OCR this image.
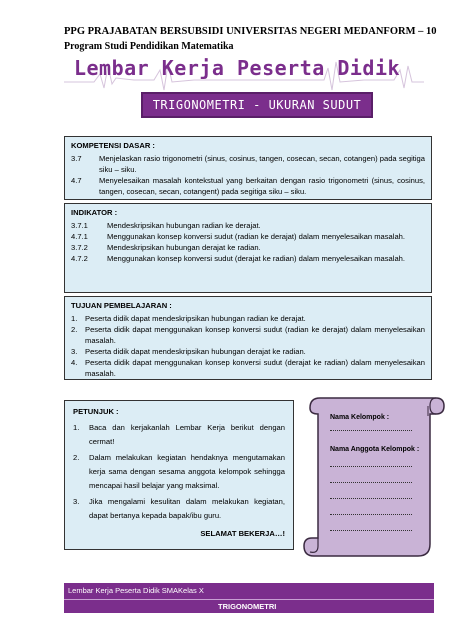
PPG PRAJABATAN BERSUBSIDI UNIVERSITAS NEGERI MEDANFORM – 10
Program Studi Pendidikan Matematika
Lembar Kerja Peserta Didik
TRIGONOMETRI - UKURAN SUDUT
KOMPETENSI DASAR :
3.7	Menjelaskan rasio trigonometri (sinus, cosinus, tangen, cosecan, secan, cotangen) pada segitiga siku – siku.
4.7	Menyelesaikan masalah kontekstual yang berkaitan dengan rasio trigonometri (sinus, cosinus, tangen, cosecan, secan, cotangent) pada segitiga siku – siku.
INDIKATOR :
3.7.1	Mendeskripsikan hubungan radian ke derajat.
4.7.1	Menggunakan konsep konversi sudut (radian ke derajat) dalam menyelesaikan masalah.
3.7.2	Mendeskripsikan hubungan derajat ke radian.
4.7.2	Menggunakan konsep konversi sudut (derajat ke radian) dalam menyelesaikan masalah.
TUJUAN PEMBELAJARAN :
1.	Peserta didik dapat mendeskripsikan hubungan radian ke derajat.
2.	Peserta didik dapat menggunakan konsep konversi sudut (radian ke derajat) dalam menyelesaikan masalah.
3.	Peserta didik dapat mendeskripsikan hubungan derajat ke radian.
4.	Peserta didik dapat menggunakan konsep konversi sudut (derajat ke radian) dalam menyelesaikan masalah.
PETUNJUK :
1.	Baca dan kerjakanlah Lembar Kerja berikut dengan cermat!
2.	Dalam melakukan kegiatan hendaknya mengutamakan kerja sama dengan sesama anggota kelompok sehingga mencapai hasil belajar yang maksimal.
3.	Jika mengalami kesulitan dalam melakukan kegiatan, dapat bertanya kepada bapak/ibu guru.
SELAMAT BEKERJA…!
Nama Kelompok :
Nama Anggota Kelompok :
Lembar Kerja Peserta Didik SMAKelas X
TRIGONOMETRI
